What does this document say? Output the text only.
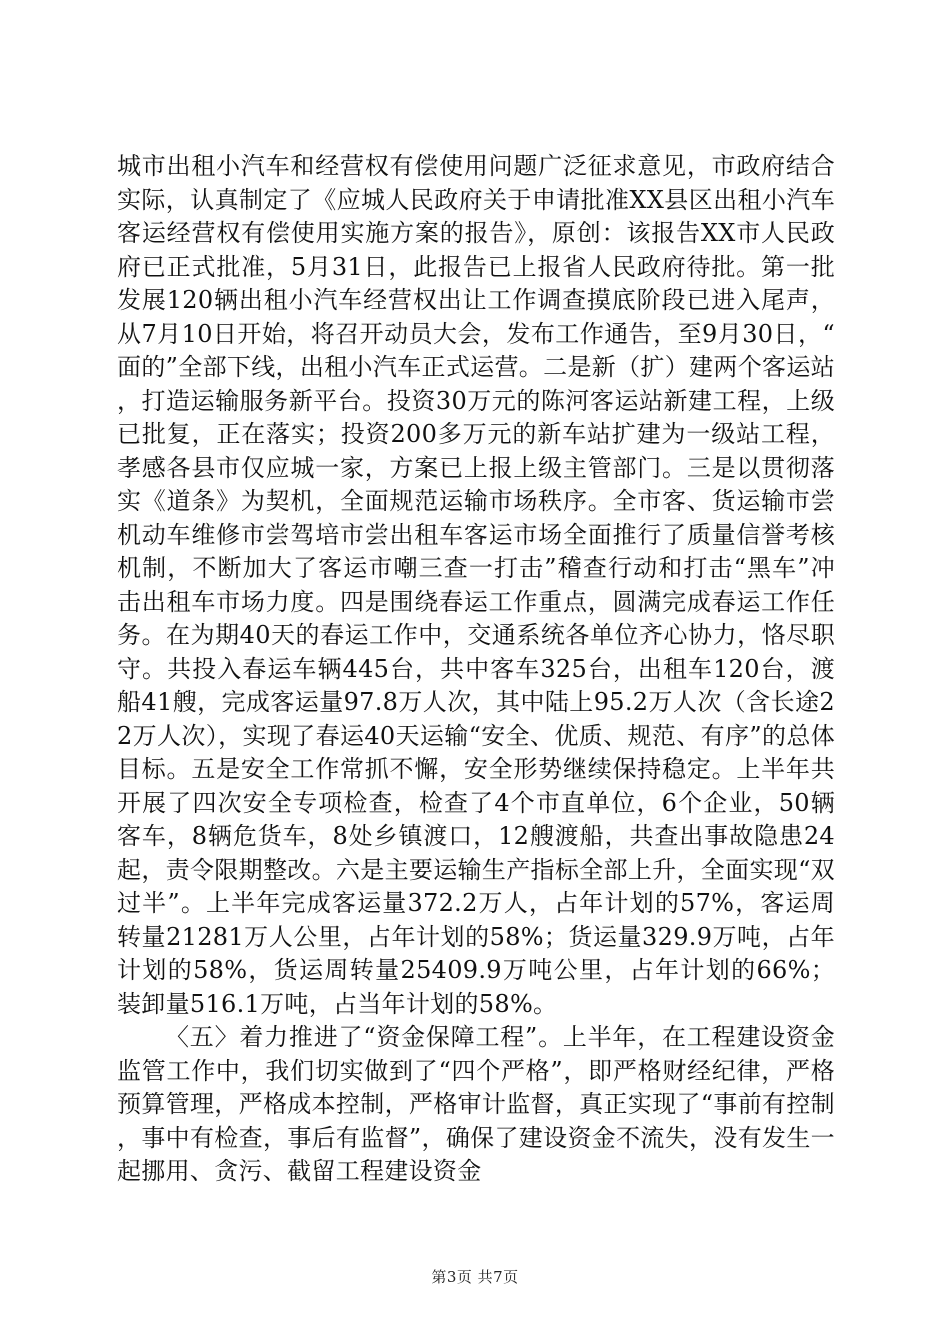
城市出租小汽车和经营权有偿使用问题广泛征求意见，市政府结合实际，认真制定了《应城人民政府关于申请批准XX县区出租小汽车客运经营权有偿使用实施方案的报告》，原创：该报告XX市人民政府已正式批准，5月31日，此报告已上报省人民政府待批。第一批发展120辆出租小汽车经营权出让工作调查摸底阶段已进入尾声，从7月10日开始，将召开动员大会，发布工作通告，至9月30日，“面的”全部下线，出租小汽车正式运营。二是新（扩）建两个客运站，打造运输服务新平台。投资30万元的陈河客运站新建工程，上级已批复，正在落实；投资200多万元的新车站扩建为一级站工程，孝感各县市仅应城一家，方案已上报上级主管部门。三是以贯彻落实《道条》为契机，全面规范运输市场秩序。全市客、货运输市尝机动车维修市尝驾培市尝出租车客运市场全面推行了质量信誉考核机制，不断加大了客运市嘲三查一打击”稽查行动和打击“黑车”冲击出租车市场力度。四是围绕春运工作重点，圆满完成春运工作任务。在为期40天的春运工作中，交通系统各单位齐心协力，恪尽职守。共投入春运车辆445台，共中客车325台，出租车120台，渡船41艘，完成客运量97.8万人次，其中陆上95.2万人次（含长途22万人次），实现了春运40天运输“安全、优质、规范、有序”的总体目标。五是安全工作常抓不懈，安全形势继续保持稳定。上半年共开展了四次安全专项检查，检查了4个市直单位，6个企业，50辆客车，8辆危货车，8处乡镇渡口，12艘渡船，共查出事故隐患24起，责令限期整改。六是主要运输生产指标全部上升，全面实现“双过半”。上半年完成客运量372.2万人，占年计划的57%，客运周转量21281万人公里，占年计划的58%；货运量329.9万吨，占年计划的58%，货运周转量25409.9万吨公里，占年计划的66%；装卸量516.1万吨，占当年计划的58%。

〈五〉着力推进了“资金保障工程”。上半年，在工程建设资金监管工作中，我们切实做到了“四个严格”，即严格财经纪律，严格预算管理，严格成本控制，严格审计监督，真正实现了“事前有控制，事中有检查，事后有监督”，确保了建设资金不流失，没有发生一起挪用、贪污、截留工程建设资金

第3页 共7页
